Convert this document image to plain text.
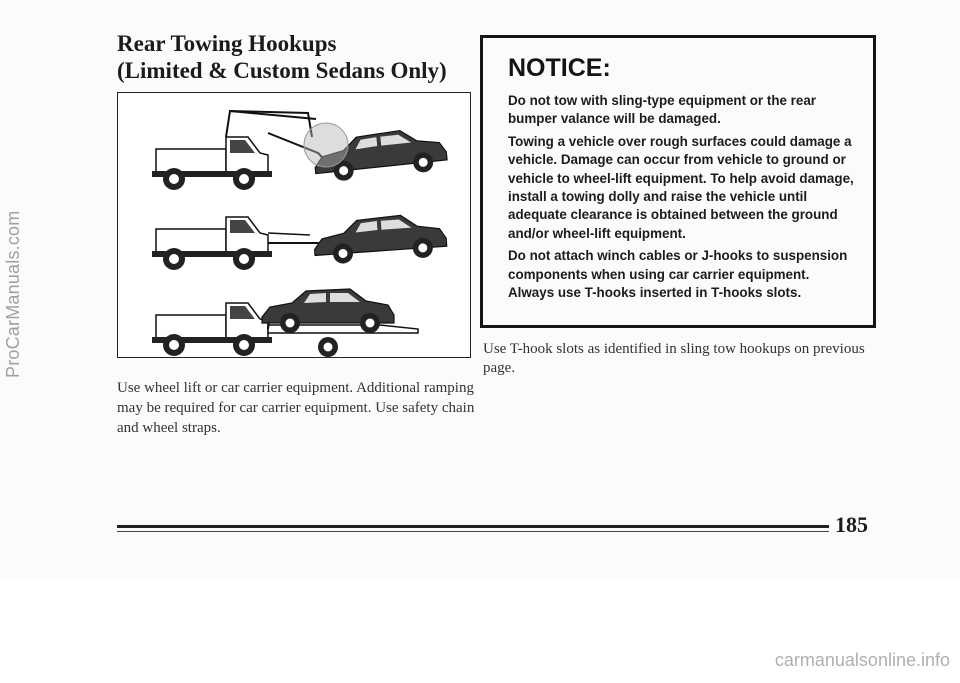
Rear Towing Hookups
(Limited & Custom Sedans Only)
Use wheel lift or car carrier equipment. Additional ramping may be required for car carrier equipment. Use safety chain and wheel straps.
NOTICE:

Do not tow with sling-type equipment or the rear bumper valance will be damaged.

Towing a vehicle over rough surfaces could damage a vehicle. Damage can occur from vehicle to ground or vehicle to wheel-lift equipment. To help avoid damage, install a towing dolly and raise the vehicle until adequate clearance is obtained between the ground and/or wheel-lift equipment.

Do not attach winch cables or J-hooks to suspension components when using car carrier equipment. Always use T-hooks inserted in T-hooks slots.

Use T-hook slots as identified in sling tow hookups on previous page.
185
ProCarManuals.com
carmanualsonline.info
